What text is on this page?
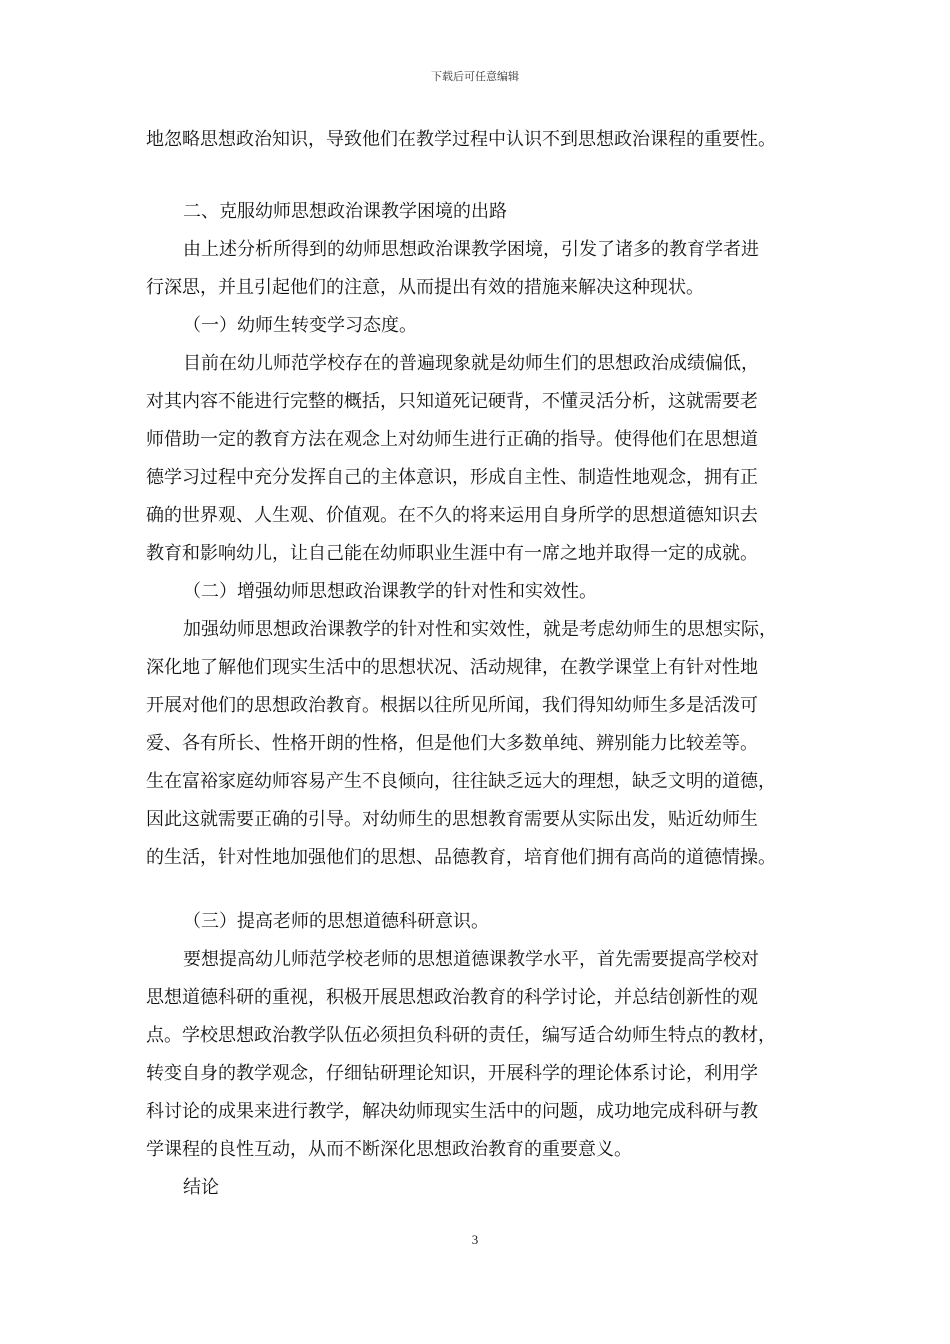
下载后可任意编辑
地忽略思想政治知识，导致他们在教学过程中认识不到思想政治课程的重要性。
二、克服幼师思想政治课教学困境的出路
由上述分析所得到的幼师思想政治课教学困境，引发了诸多的教育学者进
行深思，并且引起他们的注意，从而提出有效的措施来解决这种现状。
（一）幼师生转变学习态度。
目前在幼儿师范学校存在的普遍现象就是幼师生们的思想政治成绩偏低，
对其内容不能进行完整的概括，只知道死记硬背，不懂灵活分析，这就需要老
师借助一定的教育方法在观念上对幼师生进行正确的指导。使得他们在思想道
德学习过程中充分发挥自己的主体意识，形成自主性、制造性地观念，拥有正
确的世界观、人生观、价值观。在不久的将来运用自身所学的思想道德知识去
教育和影响幼儿，让自己能在幼师职业生涯中有一席之地并取得一定的成就。
（二）增强幼师思想政治课教学的针对性和实效性。
加强幼师思想政治课教学的针对性和实效性，就是考虑幼师生的思想实际，
深化地了解他们现实生活中的思想状况、活动规律，在教学课堂上有针对性地
开展对他们的思想政治教育。根据以往所见所闻，我们得知幼师生多是活泼可
爱、各有所长、性格开朗的性格，但是他们大多数单纯、辨别能力比较差等。
生在富裕家庭幼师容易产生不良倾向，往往缺乏远大的理想，缺乏文明的道德，
因此这就需要正确的引导。对幼师生的思想教育需要从实际出发，贴近幼师生
的生活，针对性地加强他们的思想、品德教育，培育他们拥有高尚的道德情操。
（三）提高老师的思想道德科研意识。
要想提高幼儿师范学校老师的思想道德课教学水平，首先需要提高学校对
思想道德科研的重视，积极开展思想政治教育的科学讨论，并总结创新性的观
点。学校思想政治教学队伍必须担负科研的责任，编写适合幼师生特点的教材，
转变自身的教学观念，仔细钻研理论知识，开展科学的理论体系讨论，利用学
科讨论的成果来进行教学，解决幼师现实生活中的问题，成功地完成科研与教
学课程的良性互动，从而不断深化思想政治教育的重要意义。
结论
3
